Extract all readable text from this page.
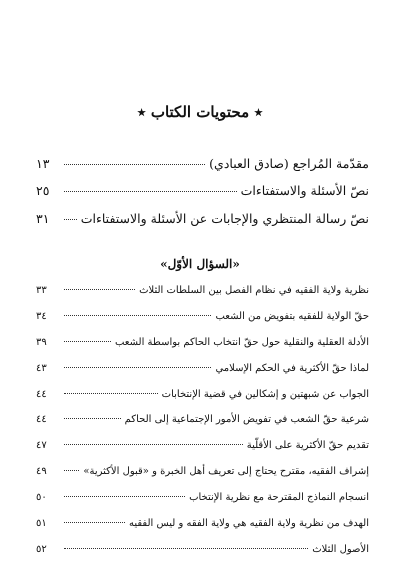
٭ محتويات الكتاب ٭
مقدّمة المُراجع (صادق العبادي)
١٣
نصّ الأسئلة والاستفتاءات
٢٥
نصّ رسالة المنتظري والإجابات عن الأسئلة والاستفتاءات
٣١
«السؤال الأوّل»
نظرية ولاية الفقيه في نظام الفصل بين السلطات الثلاث
٣٣
حقّ الولاية للفقيه بتفويض من الشعب
٣٤
الأدلة العقلية والنقلية حول حقّ انتخاب الحاكم بواسطة الشعب
٣٩
لماذا حقّ الأكثرية في الحكم الإسلامي
٤٣
الجواب عن شبهتين و إشكالين في قضية الإنتخابات
٤٤
شرعية حقّ الشعب في تفويض الأمور الإجتماعية إلى الحاكم
٤٤
تقديم حقّ الأكثرية على الأقلّية
٤٧
إشراف الفقيه، مقترح يحتاج إلى تعريف أهل الخبرة و «قبول الأكثرية»
٤٩
انسجام النماذج المقترحة مع نظرية الإنتخاب
٥٠
الهدف من نظرية ولاية الفقيه هي ولاية الفقه و ليس الفقيه
٥١
الأصول الثلاث
٥٢
